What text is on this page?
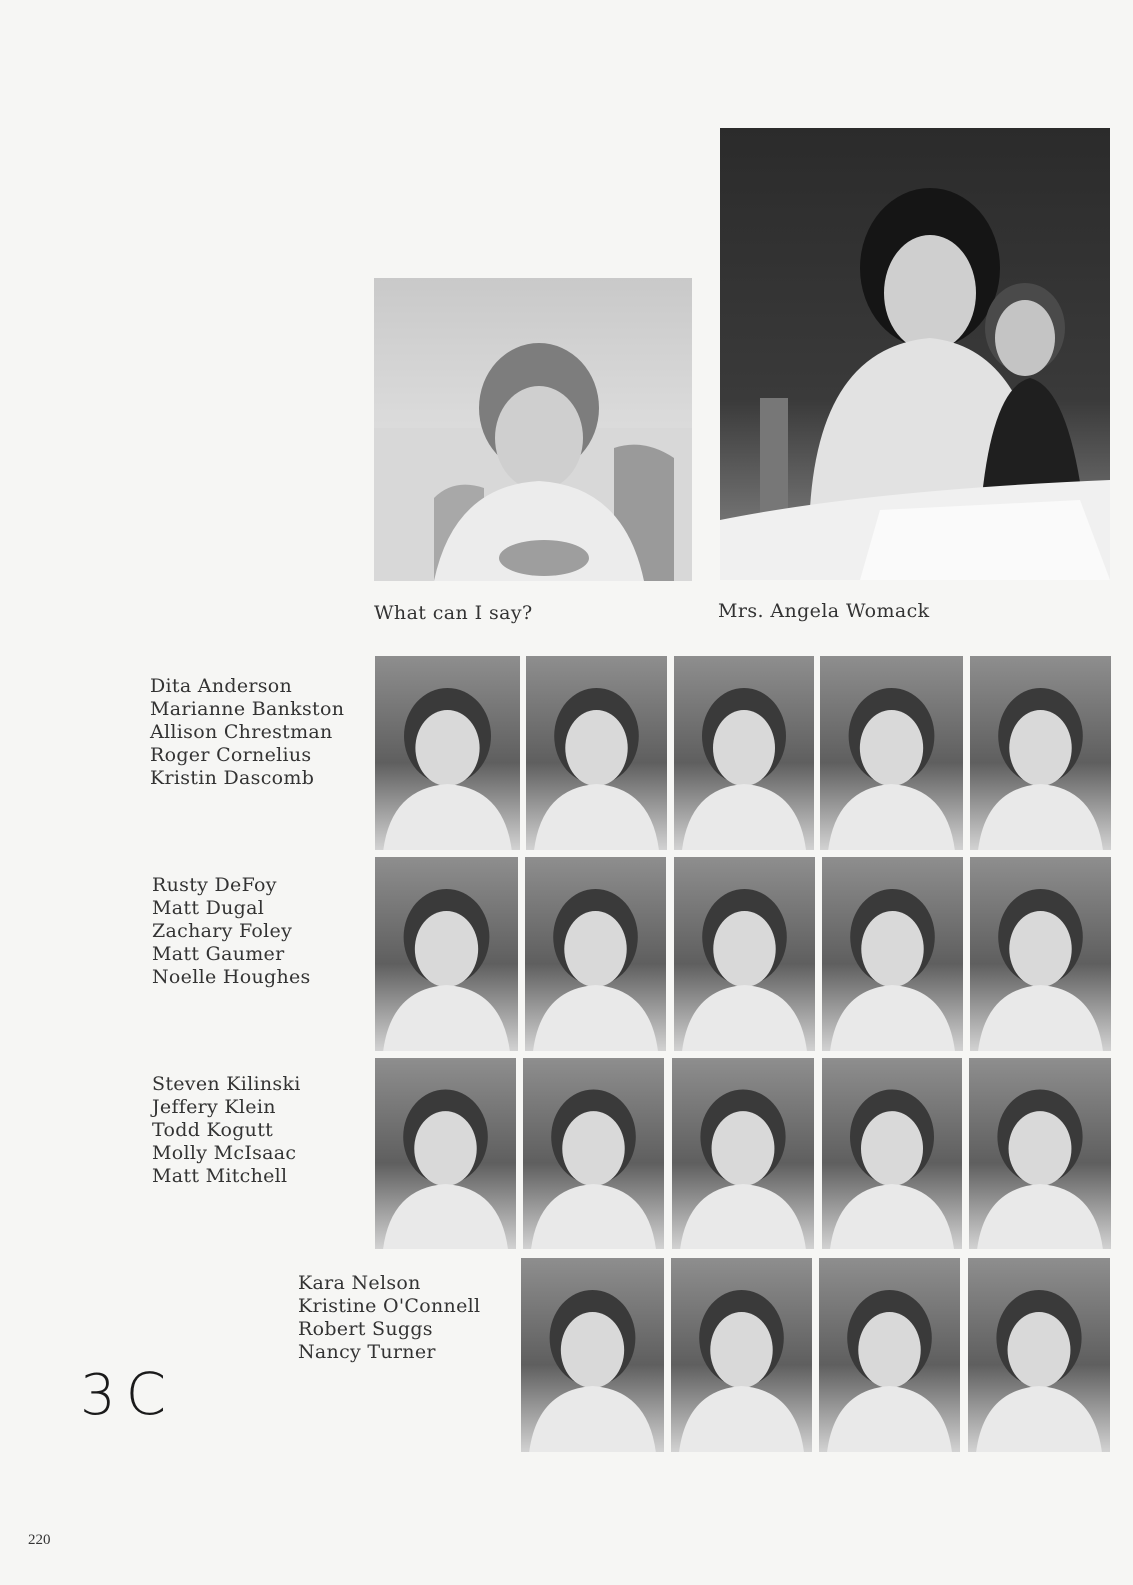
What can I say?	Mrs. Angela Womack
Dita Anderson
Marianne Bankston
Allison Chrestman
Roger Cornelius
Kristin Dascomb
Rusty DeFoy
Matt Dugal
Zachary Foley
Matt Gaumer
Noelle Houghes
Steven Kilinski
Jeffery Klein
Todd Kogutt
Molly McIsaac
Matt Mitchell
Kara Nelson
Kristine O'Connell
Robert Suggs
Nancy Turner
3C
220
